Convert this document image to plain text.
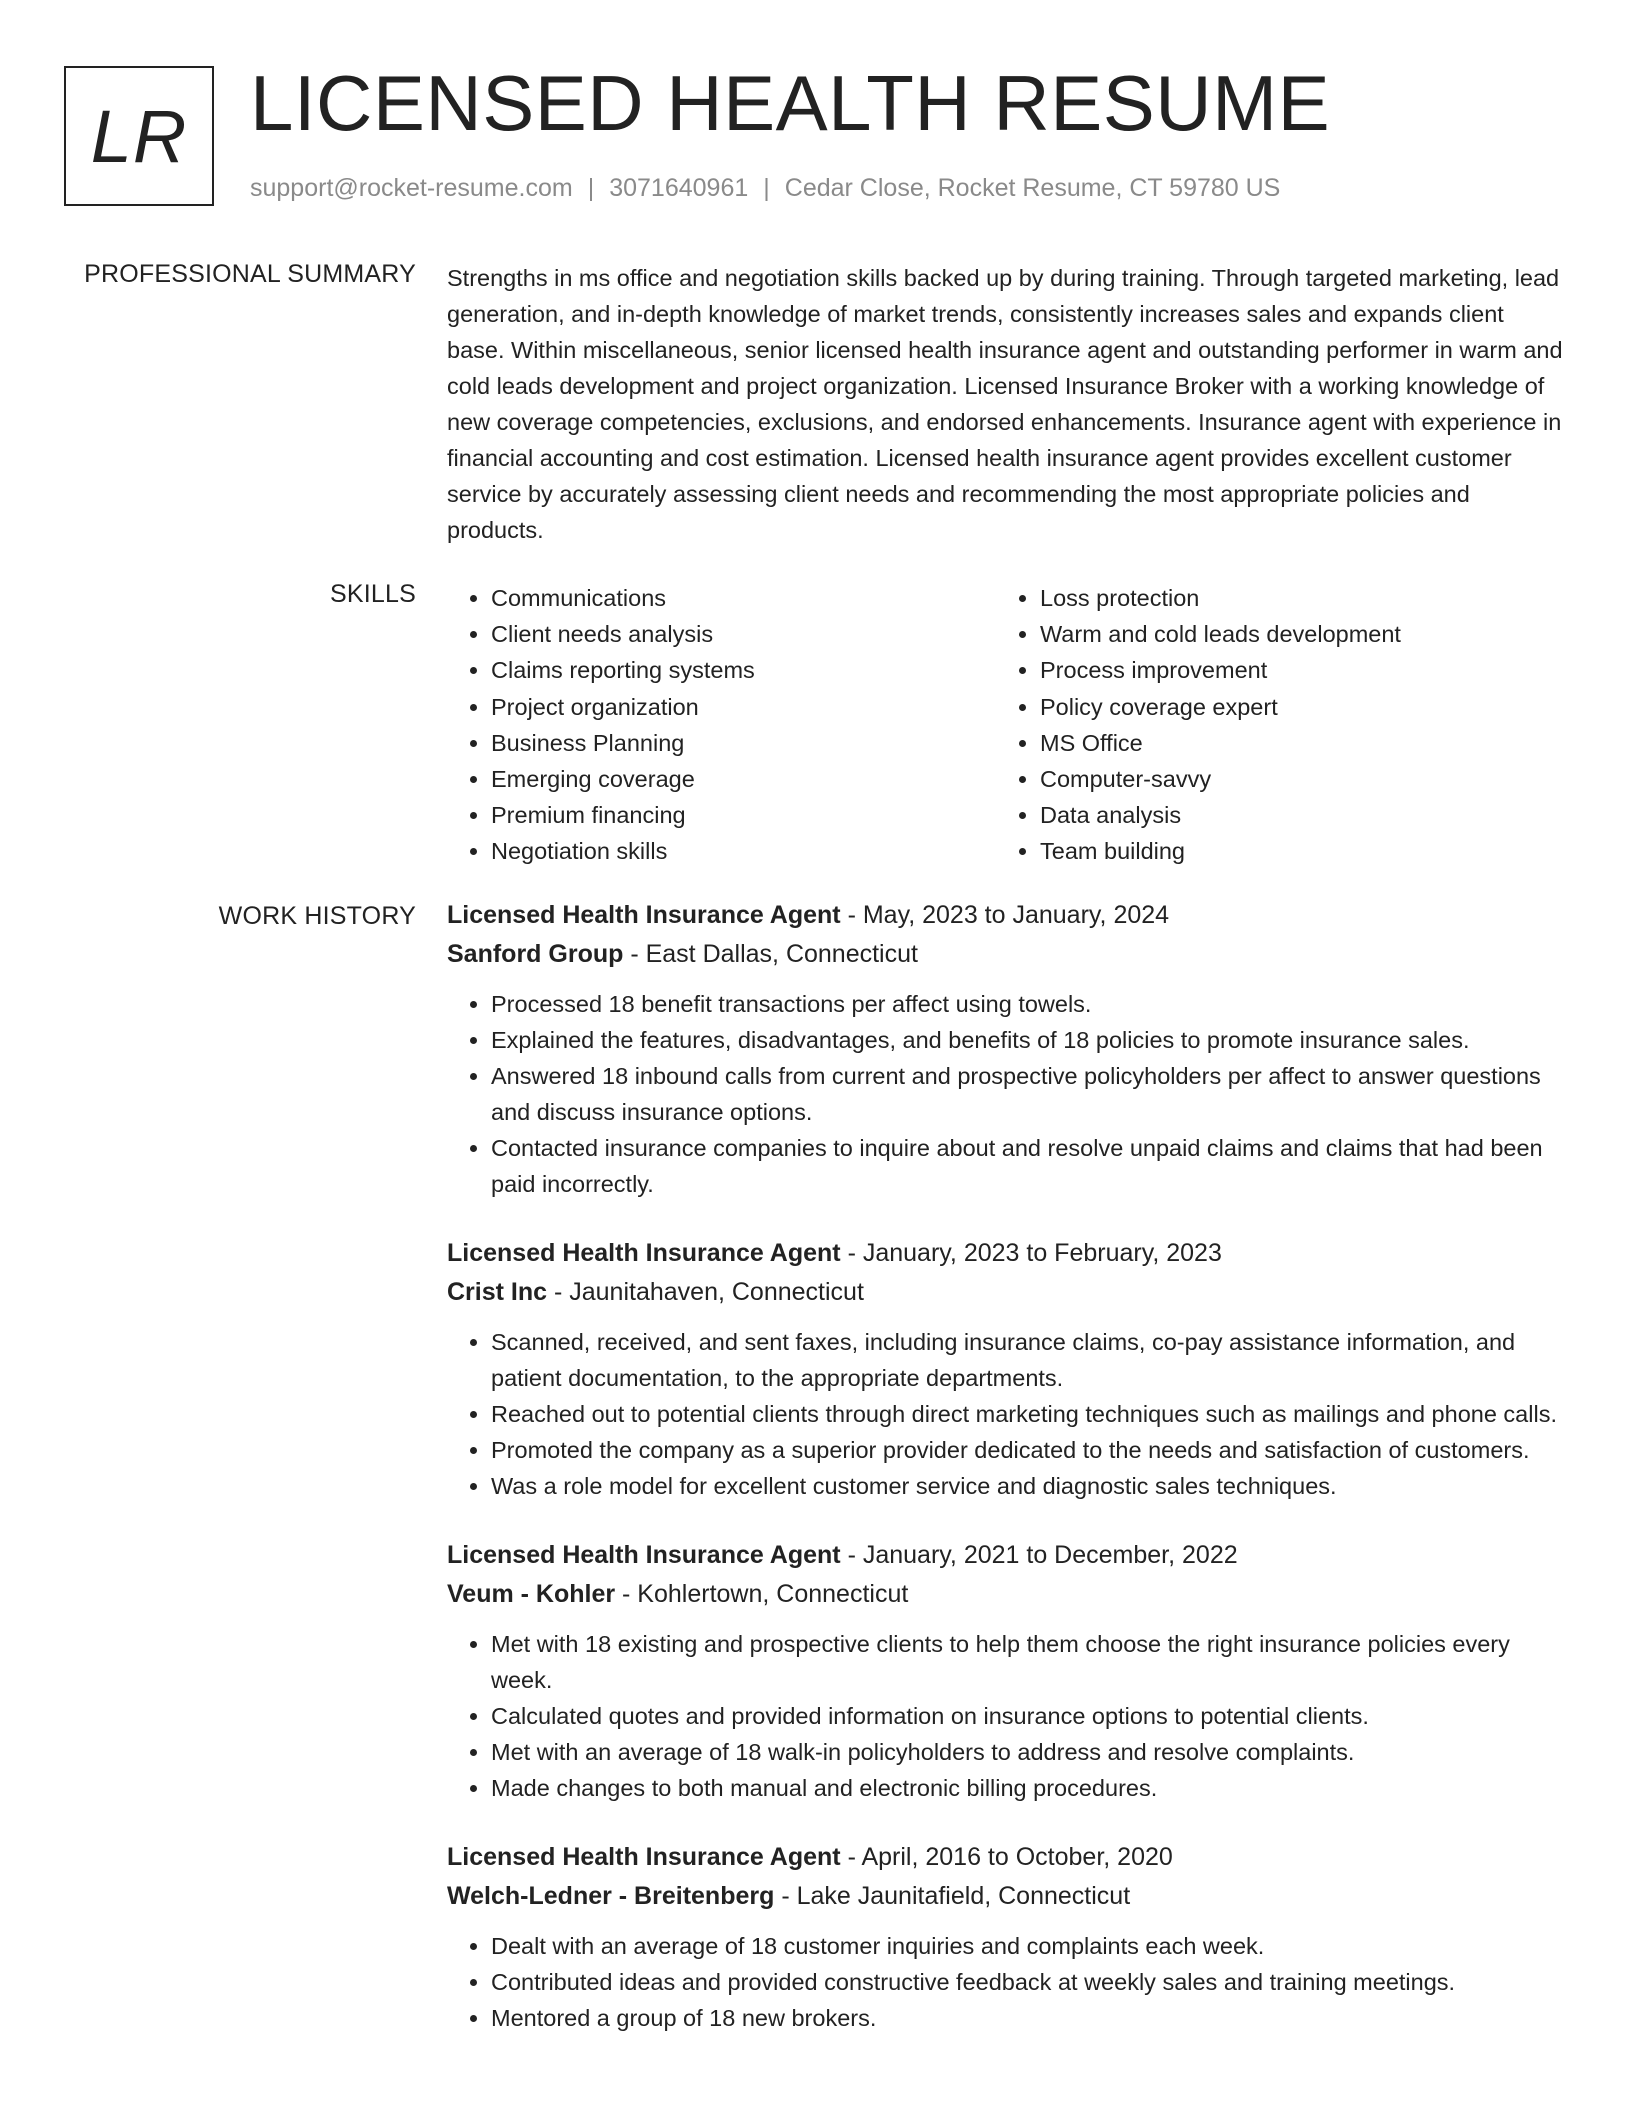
LR LICENSED HEALTH RESUME
support@rocket-resume.com | 3071640961 | Cedar Close, Rocket Resume, CT 59780 US
PROFESSIONAL SUMMARY Strengths in ms office and negotiation skills backed up by during training. Through targeted marketing, lead generation, and in-depth knowledge of market trends, consistently increases sales and expands client base. Within miscellaneous, senior licensed health insurance agent and outstanding performer in warm and cold leads development and project organization. Licensed Insurance Broker with a working knowledge of new coverage competencies, exclusions, and endorsed enhancements. Insurance agent with experience in financial accounting and cost estimation. Licensed health insurance agent provides excellent customer service by accurately assessing client needs and recommending the most appropriate policies and products.

SKILLS
•	Communications
• Client needs analysis
• Claims reporting systems
• Project organization
• Business Planning
• Emerging coverage
• Premium financing
• Negotiation skills
• Loss protection
• Warm and cold leads development
• Process improvement
• Policy coverage expert
• MS Office
• Computer-savvy
• Data analysis
• Team building
WORK HISTORY Licensed Health Insurance Agent - May, 2023 to January, 2024
Sanford Group - East Dallas, Connecticut
• Processed 18 benefit transactions per affect using towels.
• Explained the features, disadvantages, and benefits of 18 policies to promote insurance sales.
• Answered 18 inbound calls from current and prospective policyholders per affect to answer questions and discuss insurance options.
• Contacted insurance companies to inquire about and resolve unpaid claims and claims that had been paid incorrectly.
Licensed Health Insurance Agent - January, 2023 to February, 2023
Crist Inc - Jaunitahaven, Connecticut
• Scanned, received, and sent faxes, including insurance claims, co-pay assistance information, and patient documentation, to the appropriate departments.
• Reached out to potential clients through direct marketing techniques such as mailings and phone calls.
• Promoted the company as a superior provider dedicated to the needs and satisfaction of customers.
• Was a role model for excellent customer service and diagnostic sales techniques.
Licensed Health Insurance Agent - January, 2021 to December, 2022
Veum - Kohler - Kohlertown, Connecticut
• Met with 18 existing and prospective clients to help them choose the right insurance policies every week.
• Calculated quotes and provided information on insurance options to potential clients.
• Met with an average of 18 walk-in policyholders to address and resolve complaints.
• Made changes to both manual and electronic billing procedures.
Licensed Health Insurance Agent - April, 2016 to October, 2020
Welch-Ledner - Breitenberg - Lake Jaunitafield, Connecticut
• Dealt with an average of 18 customer inquiries and complaints each week.
• Contributed ideas and provided constructive feedback at weekly sales and training meetings.
• Mentored a group of 18 new brokers.
